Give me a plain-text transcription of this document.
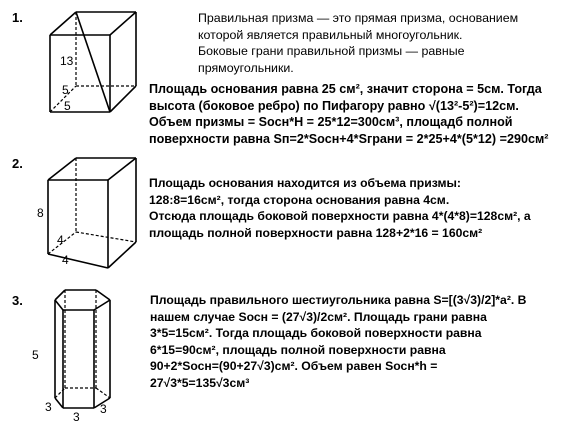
1.
2.
3.
Правильная призма — это прямая призма, основанием
которой является правильный многоугольник.
Боковые грани правильной призмы — равные
прямоугольники.
13
5
5
Площадь основания равна 25 см², значит сторона = 5см. Тогда
высота (боковое ребро) по Пифагору равно √(13²-5²)=12см.
Объем призмы = Sосн*H = 25*12=300см³, площадб полной
поверхности равна Sп=2*Sосн+4*Sграни = 2*25+4*(5*12) =290см²
8
4
4
Площадь основания находится из объема призмы:
128:8=16см², тогда сторона основания равна 4см.
Отсюда площадь боковой поверхности равна 4*(4*8)=128см², а
площадь полной поверхности равна 128+2*16 = 160см²
5
3
3
3
Площадь правильного шестиугольника равна S=[(3√3)/2]*a². В
нашем случае Sосн = (27√3)/2см². Площадь грани равна
3*5=15см². Тогда площадь боковой поверхности равна
6*15=90см², площадь полной поверхности равна
90+2*Sосн=(90+27√3)см². Объем равен Sосн*h =
27√3*5=135√3см³
